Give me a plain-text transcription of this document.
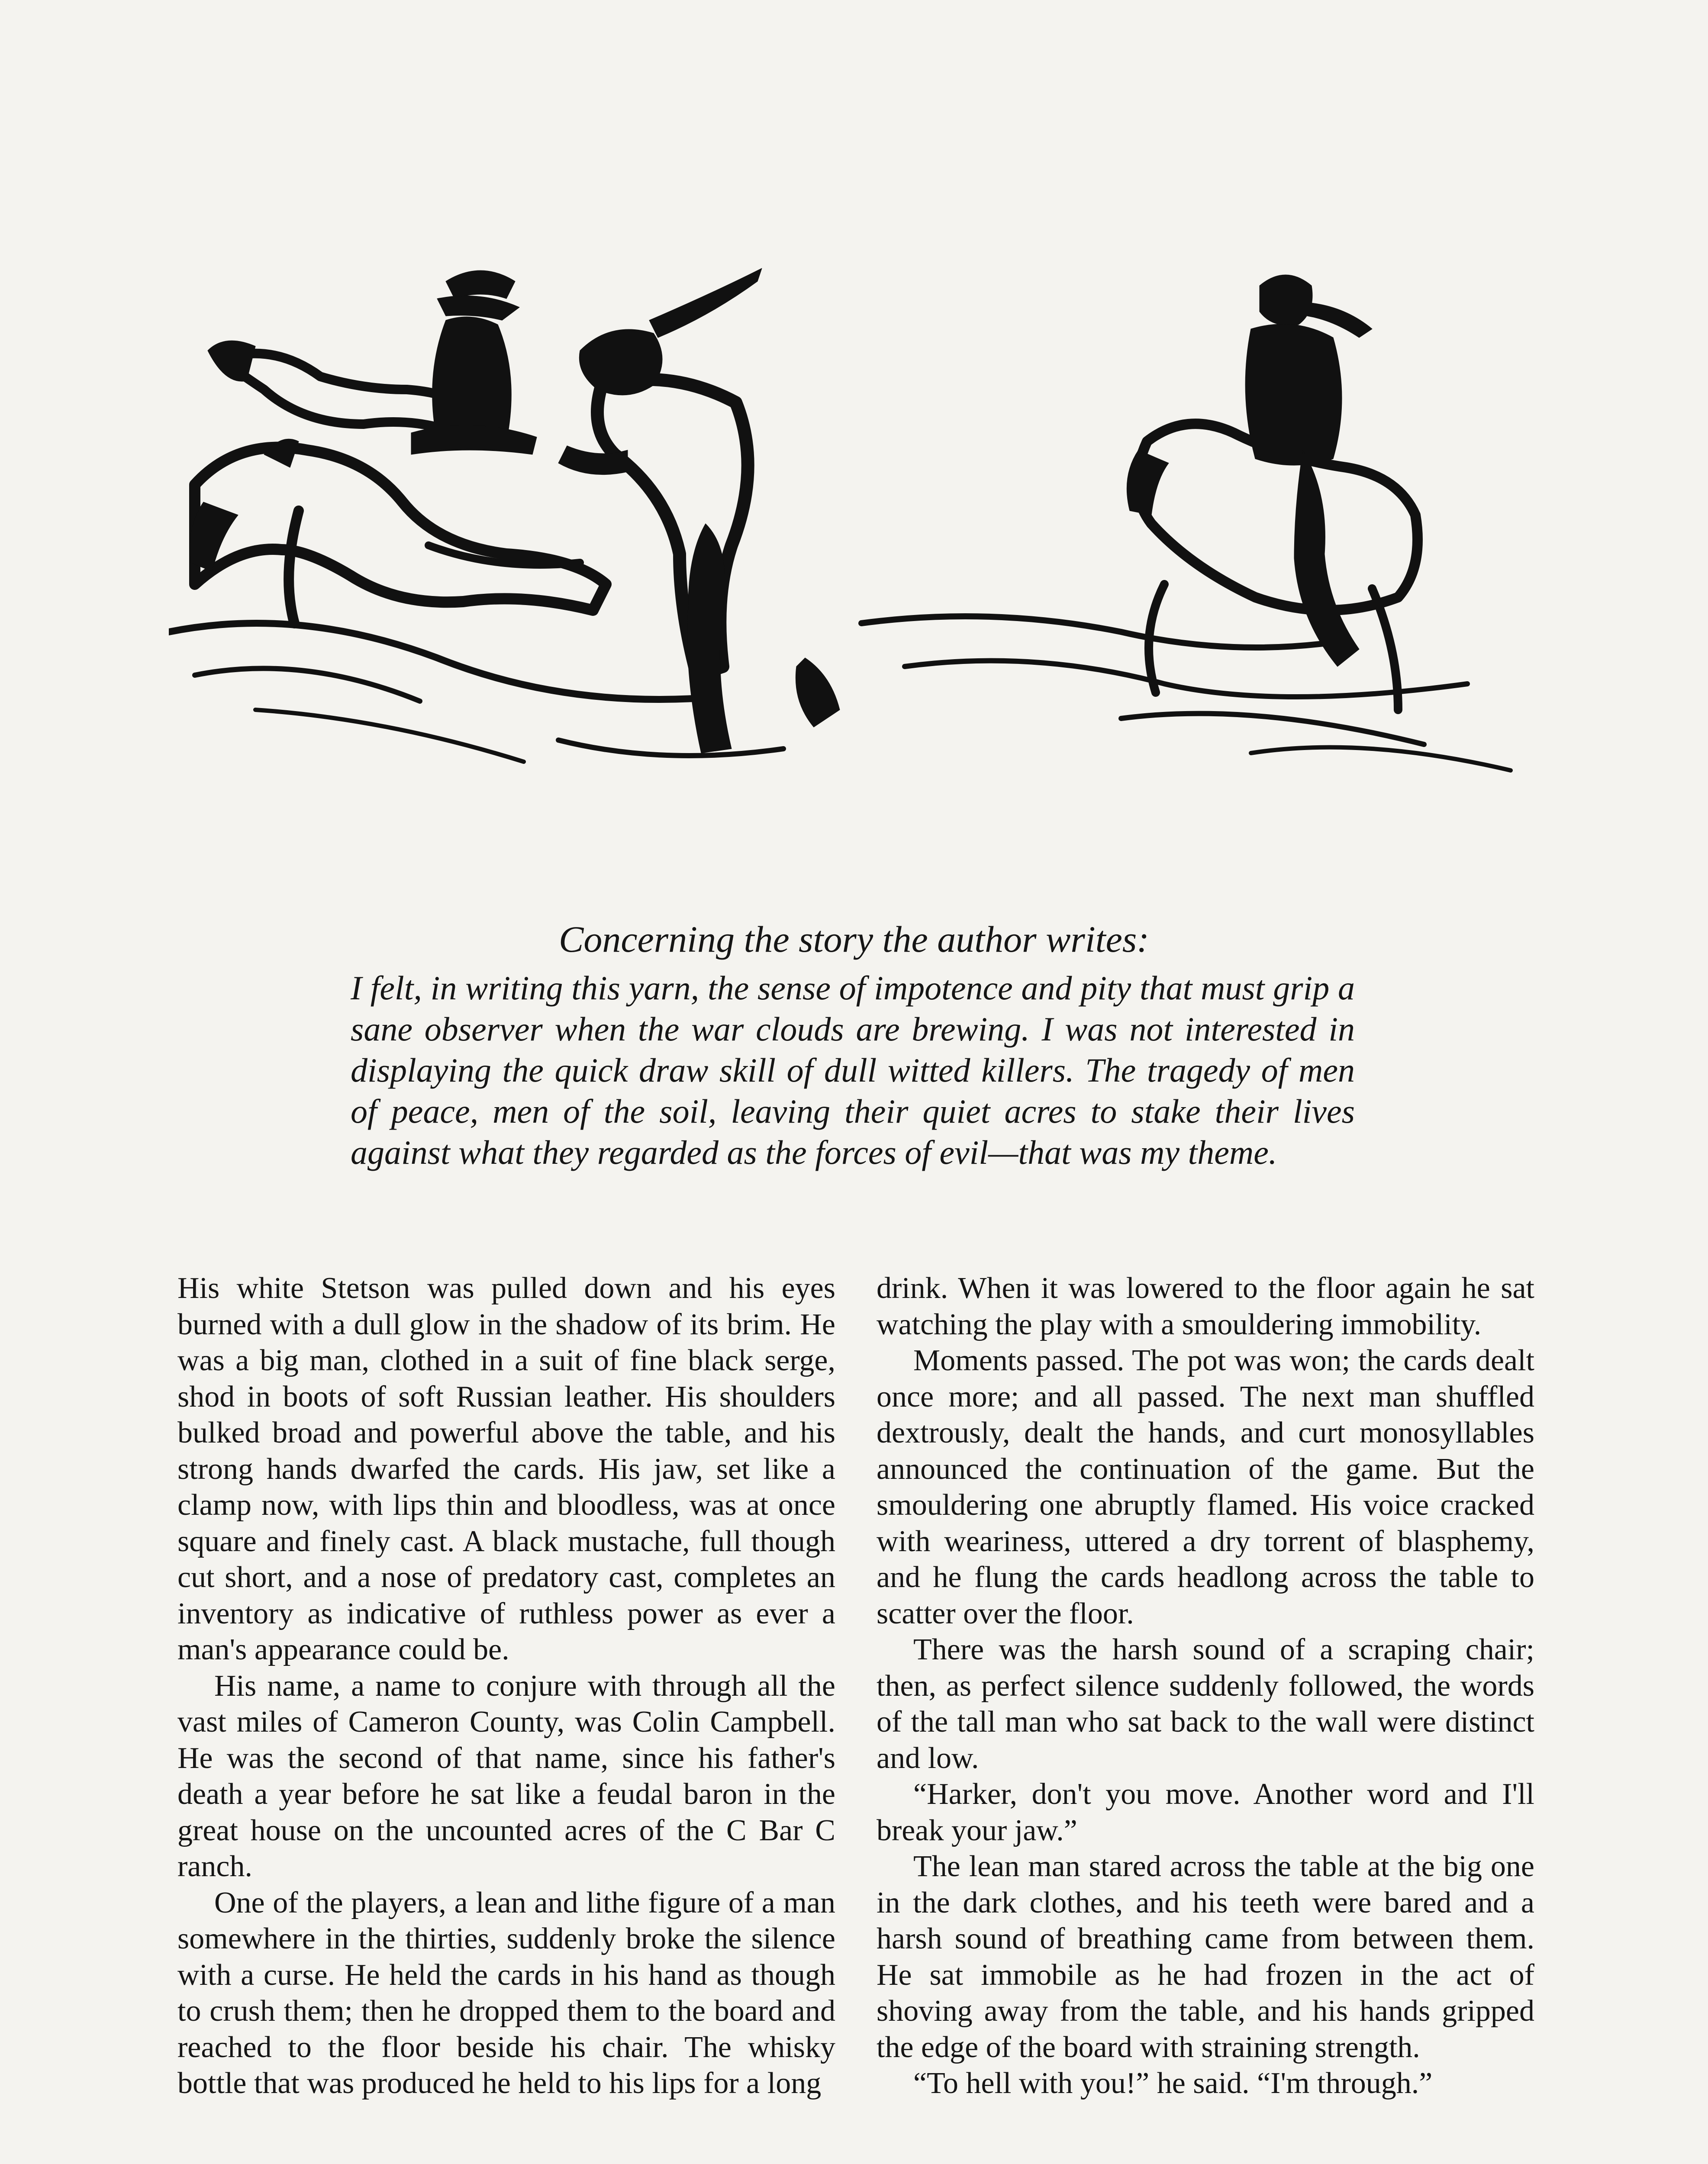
Concerning the story the author writes:
I felt, in writing this yarn, the sense of impotence and pity that must grip a sane observer when the war clouds are brewing. I was not interested in displaying the quick draw skill of dull witted killers. The tragedy of men of peace, men of the soil, leaving their quiet acres to stake their lives against what they regarded as the forces of evil—that was my theme.

His white Stetson was pulled down and his eyes burned with a dull glow in the shadow of its brim. He was a big man, clothed in a suit of fine black serge, shod in boots of soft Russian leather. His shoulders bulked broad and powerful above the table, and his strong hands dwarfed the cards. His jaw, set like a clamp now, with lips thin and bloodless, was at once square and finely cast. A black mustache, full though cut short, and a nose of predatory cast, completes an inventory as indicative of ruthless power as ever a man's appearance could be.

His name, a name to conjure with through all the vast miles of Cameron County, was Colin Campbell. He was the second of that name, since his father's death a year before he sat like a feudal baron in the great house on the uncounted acres of the C Bar C ranch.

One of the players, a lean and lithe figure of a man somewhere in the thirties, suddenly broke the silence with a curse. He held the cards in his hand as though to crush them; then he dropped them to the board and reached to the floor beside his chair. The whisky bottle that was produced he held to his lips for a long

drink. When it was lowered to the floor again he sat watching the play with a smouldering immobility.

Moments passed. The pot was won; the cards dealt once more; and all passed. The next man shuffled dextrously, dealt the hands, and curt monosyllables announced the continuation of the game. But the smouldering one abruptly flamed. His voice cracked with weariness, uttered a dry torrent of blasphemy, and he flung the cards headlong across the table to scatter over the floor.

There was the harsh sound of a scraping chair; then, as perfect silence suddenly followed, the words of the tall man who sat back to the wall were distinct and low.

“Harker, don't you move. Another word and I'll break your jaw.”

The lean man stared across the table at the big one in the dark clothes, and his teeth were bared and a harsh sound of breathing came from between them. He sat immobile as he had frozen in the act of shoving away from the table, and his hands gripped the edge of the board with straining strength.

“To hell with you!” he said. “I'm through.”
